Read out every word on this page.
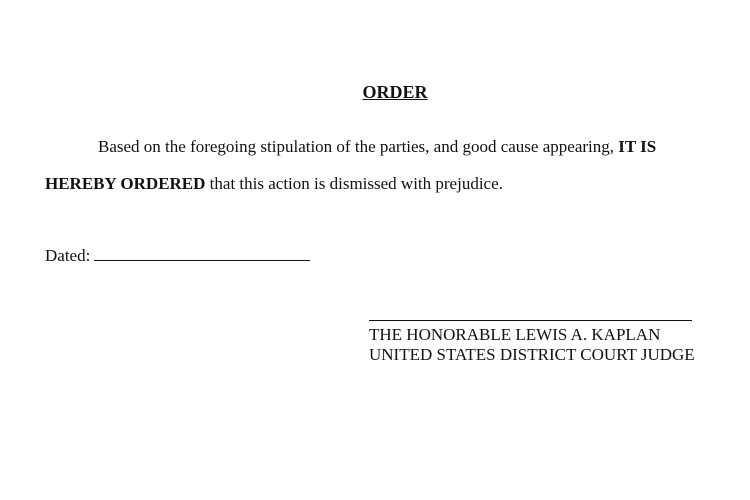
ORDER
Based on the foregoing stipulation of the parties, and good cause appearing, IT IS
HEREBY ORDERED that this action is dismissed with prejudice.
Dated:
THE HONORABLE LEWIS A. KAPLAN
UNITED STATES DISTRICT COURT JUDGE
